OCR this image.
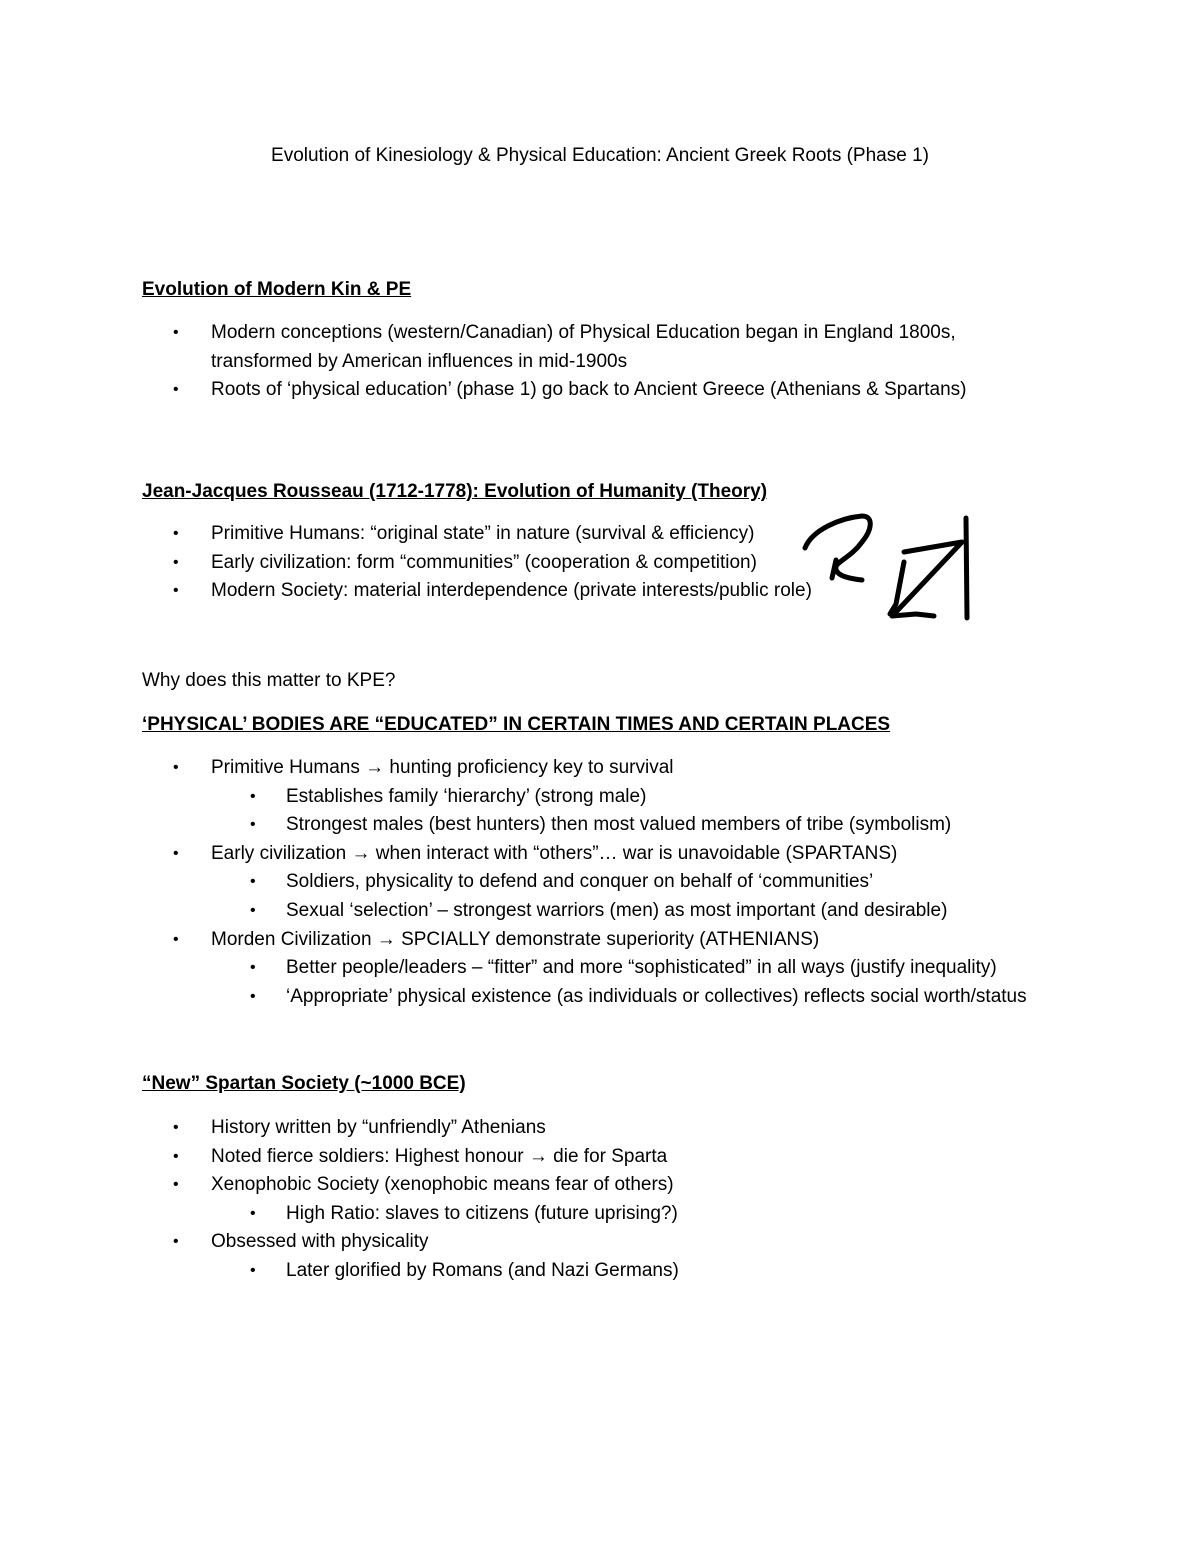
Evolution of Kinesiology & Physical Education: Ancient Greek Roots (Phase 1)
Evolution of Modern Kin & PE
• Modern conceptions (western/Canadian) of Physical Education began in England 1800s,
transformed by American influences in mid-1900s
• Roots of ‘physical education’ (phase 1) go back to Ancient Greece (Athenians & Spartans)
Jean-Jacques Rousseau (1712-1778): Evolution of Humanity (Theory)
• Primitive Humans: “original state” in nature (survival & efficiency)
• Early civilization: form “communities” (cooperation & competition)
• Modern Society: material interdependence (private interests/public role)
Why does this matter to KPE?
‘PHYSICAL’ BODIES ARE “EDUCATED” IN CERTAIN TIMES AND CERTAIN PLACES
• Primitive Humans → hunting proficiency key to survival
• Establishes family ‘hierarchy’ (strong male)
• Strongest males (best hunters) then most valued members of tribe (symbolism)
• Early civilization → when interact with “others”… war is unavoidable (SPARTANS)
• Soldiers, physicality to defend and conquer on behalf of ‘communities’
• Sexual ‘selection’ – strongest warriors (men) as most important (and desirable)
• Morden Civilization → SPCIALLY demonstrate superiority (ATHENIANS)
• Better people/leaders – “fitter” and more “sophisticated” in all ways (justify inequality)
• ‘Appropriate’ physical existence (as individuals or collectives) reflects social worth/status
“New” Spartan Society (~1000 BCE)
• History written by “unfriendly” Athenians
• Noted fierce soldiers: Highest honour → die for Sparta
• Xenophobic Society (xenophobic means fear of others)
• High Ratio: slaves to citizens (future uprising?)
• Obsessed with physicality
• Later glorified by Romans (and Nazi Germans)
